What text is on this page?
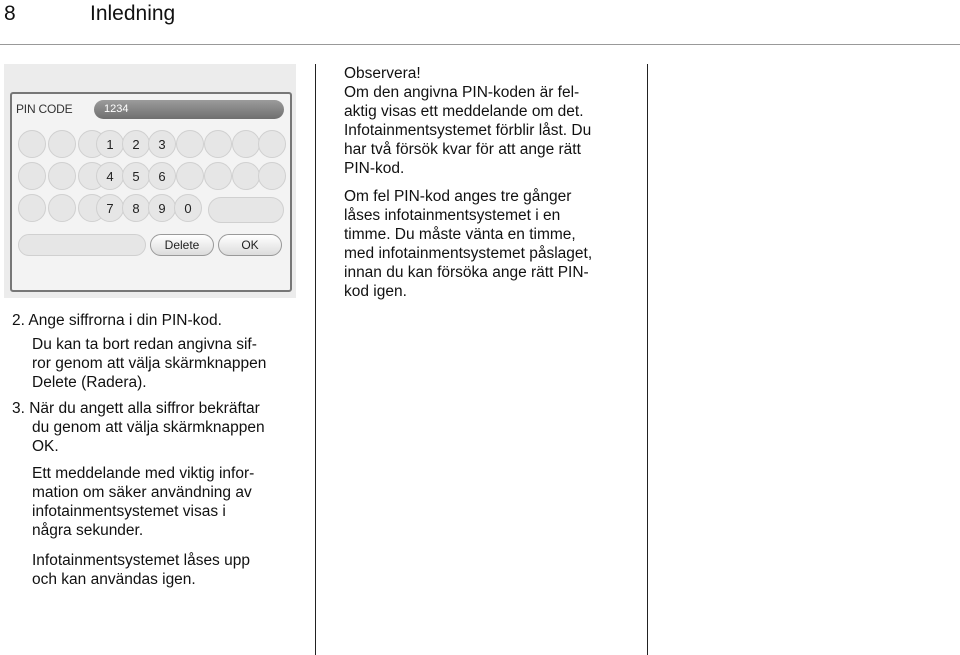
8	Inledning
PIN CODE	1234
1	2	3
4	5	6
7	8	9	0
Delete	OK

2. Ange siffrorna i din PIN-kod.

Du kan ta bort redan angivna sif-

ror genom att välja skärmknappen

Delete (Radera).

3. När du angett alla siffror bekräftar

du genom att välja skärmknappen

OK.

Ett meddelande med viktig infor-

mation om säker användning av

infotainmentsystemet visas i

några sekunder.

Infotainmentsystemet låses upp

och kan användas igen.

Observera!

Om den angivna PIN-koden är fel-

aktig visas ett meddelande om det.

Infotainmentsystemet förblir låst. Du

har två försök kvar för att ange rätt

PIN-kod.

Om fel PIN-kod anges tre gånger

låses infotainmentsystemet i en

timme. Du måste vänta en timme,

med infotainmentsystemet påslaget,

innan du kan försöka ange rätt PIN-

kod igen.
